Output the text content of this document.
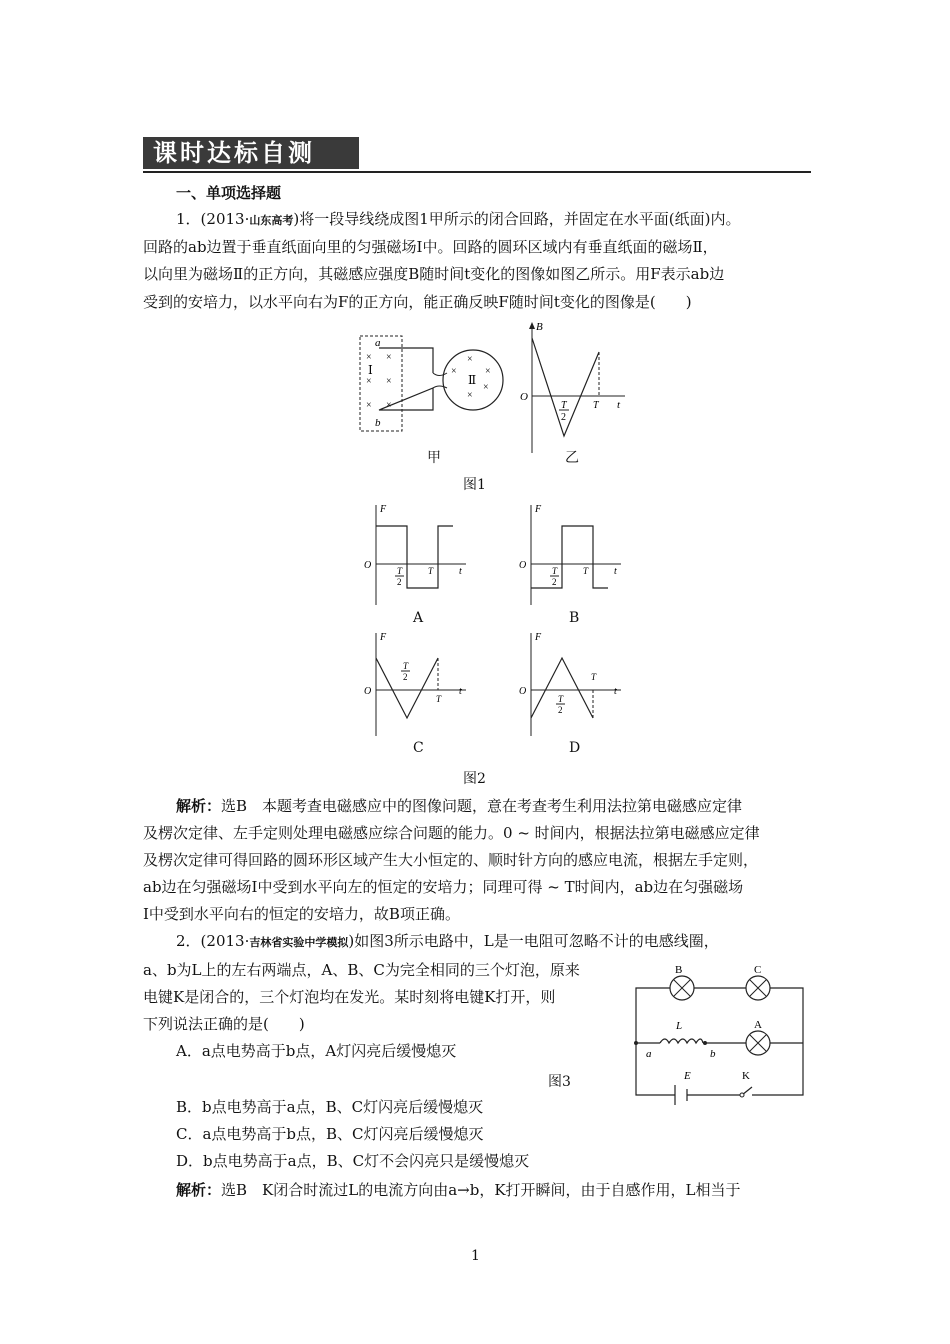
课时达标自测
一、单项选择题
1．(2013·山东高考)将一段导线绕成图1甲所示的闭合回路，并固定在水平面(纸面)内。
回路的ab边置于垂直纸面向里的匀强磁场Ⅰ中。回路的圆环区域内有垂直纸面的磁场Ⅱ，
以向里为磁场Ⅱ的正方向，其磁感应强度B随时间t变化的图像如图乙所示。用F表示ab边
受到的安培力，以水平向右为F的正方向，能正确反映F随时间t变化的图像是(　　)
×
×
×
×
×
×
×
×
×
×
×
a
b
Ⅰ
Ⅱ
B
O
t
T
2
T
甲	乙
图1
F
O
t
T
2
T
F
O
t
T
2
T
F
O	t
T
2
T
F
O	t
T
2
T
A	B
C	D
图2
解析：选B　本题考查电磁感应中的图像问题，意在考查考生利用法拉第电磁感应定律
及楞次定律、左手定则处理电磁感应综合问题的能力。0 ~ 时间内，根据法拉第电磁感应定律
及楞次定律可得回路的圆环形区域产生大小恒定的、顺时针方向的感应电流，根据左手定则，
ab边在匀强磁场Ⅰ中受到水平向左的恒定的安培力；同理可得 ~ T时间内，ab边在匀强磁场
Ⅰ中受到水平向右的恒定的安培力，故B项正确。
2．(2013·吉林省实验中学模拟)如图3所示电路中，L是一电阻可忽略不计的电感线圈，
a、b为L上的左右两端点，A、B、C为完全相同的三个灯泡，原来
电键K是闭合的，三个灯泡均在发光。某时刻将电键K打开，则
下列说法正确的是(　　)
A．a点电势高于b点，A灯闪亮后缓慢熄灭
图3
B．b点电势高于a点，B、C灯闪亮后缓慢熄灭
C．a点电势高于b点，B、C灯闪亮后缓慢熄灭
D．b点电势高于a点，B、C灯不会闪亮只是缓慢熄灭
解析：选B　K闭合时流过L的电流方向由a→b，K打开瞬间，由于自感作用，L相当于
B	C
A
L
a	b
E	K
1
